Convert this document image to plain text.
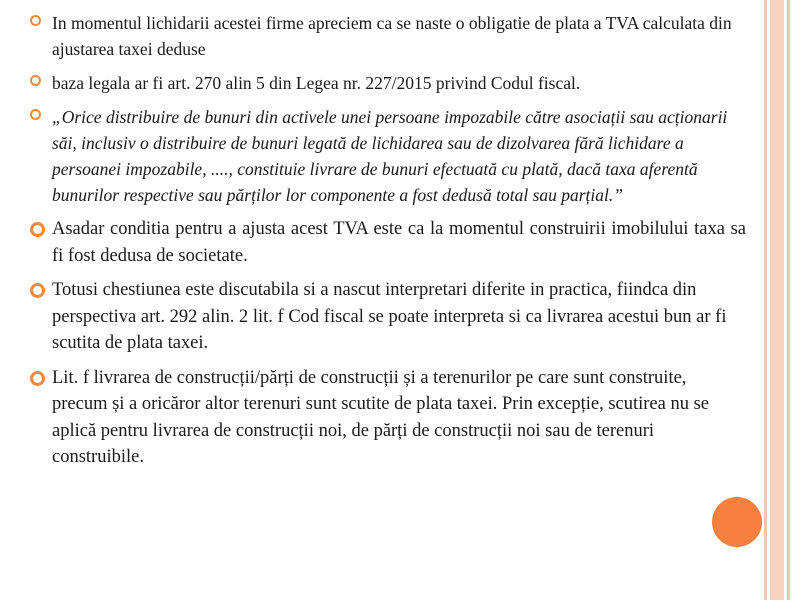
In momentul lichidarii acestei firme apreciem ca se naste o obligatie de plata a TVA calculata din ajustarea taxei deduse
baza legala ar fi art. 270 alin 5 din Legea nr. 227/2015 privind Codul fiscal.
„Orice distribuire de bunuri din activele unei persoane impozabile către asociații sau acționarii săi, inclusiv o distribuire de bunuri legată de lichidarea sau de dizolvarea fără lichidare a persoanei impozabile, ...., constituie livrare de bunuri efectuată cu plată, dacă taxa aferentă bunurilor respective sau părților lor componente a fost dedusă total sau parțial.”
Asadar conditia pentru a ajusta acest TVA este ca la momentul construirii imobilului taxa sa fi fost dedusa de societate.
Totusi chestiunea este discutabila si a nascut interpretari diferite in practica, fiindca din perspectiva art. 292 alin. 2 lit. f Cod fiscal se poate interpreta si ca livrarea acestui bun ar fi scutita de plata taxei.
Lit. f livrarea de construcții/părți de construcții și a terenurilor pe care sunt construite, precum și a oricăror altor terenuri sunt scutite de plata taxei. Prin excepție, scutirea nu se aplică pentru livrarea de construcții noi, de părți de construcții noi sau de terenuri construibile.
